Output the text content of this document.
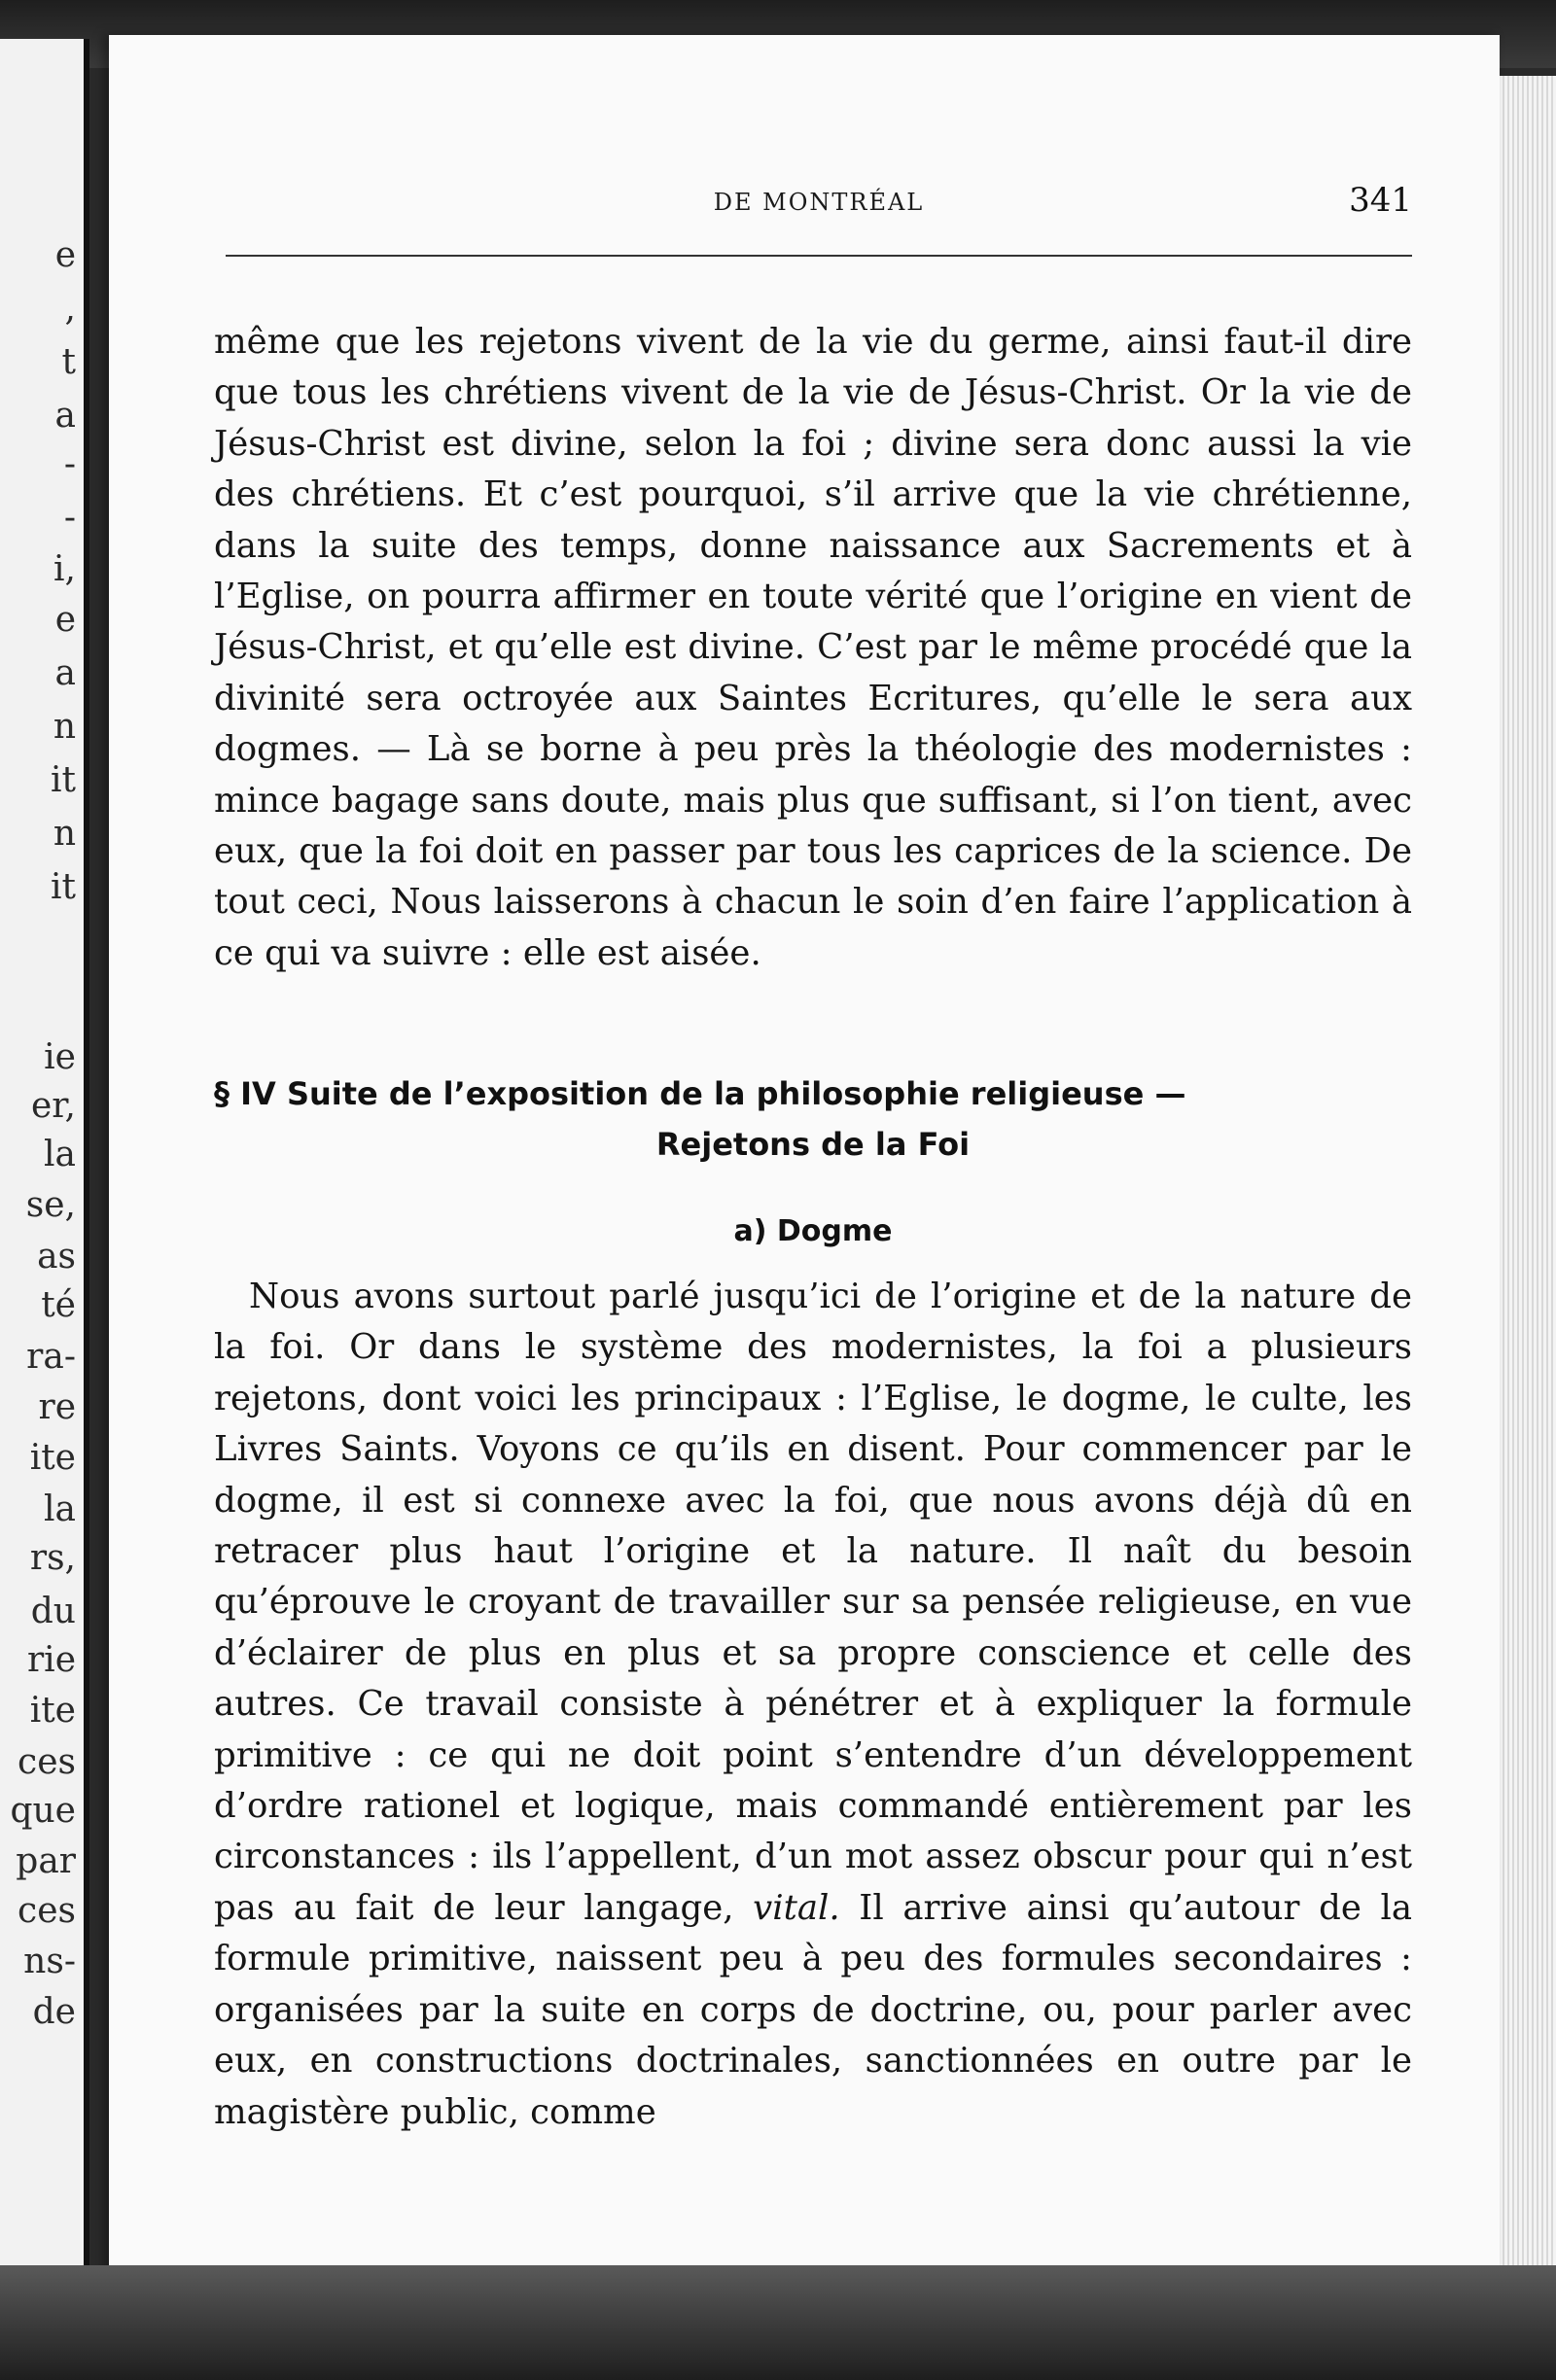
e
,
t
a
-
-
i,
e
a
n
it
n
it
ie
er,
la
se,
as
té
ra-
re
ite
la
rs,
du
rie
ite
ces
que
par
ces
ns-
de
DE MONTRÉAL	341

même que les rejetons vivent de la vie du germe, ainsi faut-il dire que tous les chrétiens vivent de la vie de Jésus-Christ. Or la vie de Jésus-Christ est divine, selon la foi ; divine sera donc aussi la vie des chrétiens. Et c’est pourquoi, s’il arrive que la vie chrétienne, dans la suite des temps, donne naissance aux Sacrements et à l’Eglise, on pourra affirmer en toute vérité que l’origine en vient de Jésus-Christ, et qu’elle est divine. C’est par le même procédé que la divinité sera octroyée aux Saintes Ecritures, qu’elle le sera aux dogmes. — Là se borne à peu près la théologie des modernistes : mince bagage sans doute, mais plus que suffisant, si l’on tient, avec eux, que la foi doit en passer par tous les caprices de la science. De tout ceci, Nous laisserons à chacun le soin d’en faire l’application à ce qui va suivre : elle est aisée.

§ IV Suite de l’exposition de la philosophie religieuse —
Rejetons de la Foi
a) Dogme

Nous avons surtout parlé jusqu’ici de l’origine et de la nature de la foi. Or dans le système des modernistes, la foi a plusieurs rejetons, dont voici les principaux : l’Eglise, le dogme, le culte, les Livres Saints. Voyons ce qu’ils en disent. Pour commencer par le dogme, il est si connexe avec la foi, que nous avons déjà dû en retracer plus haut l’origine et la nature. Il naît du besoin qu’éprouve le croyant de travailler sur sa pensée religieuse, en vue d’éclairer de plus en plus et sa propre conscience et celle des autres. Ce travail consiste à pénétrer et à expliquer la formule primitive : ce qui ne doit point s’entendre d’un développement d’ordre rationel et logique, mais commandé entièrement par les circonstances : ils l’appellent, d’un mot assez obscur pour qui n’est pas au fait de leur langage, vital. Il arrive ainsi qu’autour de la formule primitive, naissent peu à peu des formules secondaires : organisées par la suite en corps de doctrine, ou, pour parler avec eux, en constructions doctrinales, sanctionnées en outre par le magistère public, comme
